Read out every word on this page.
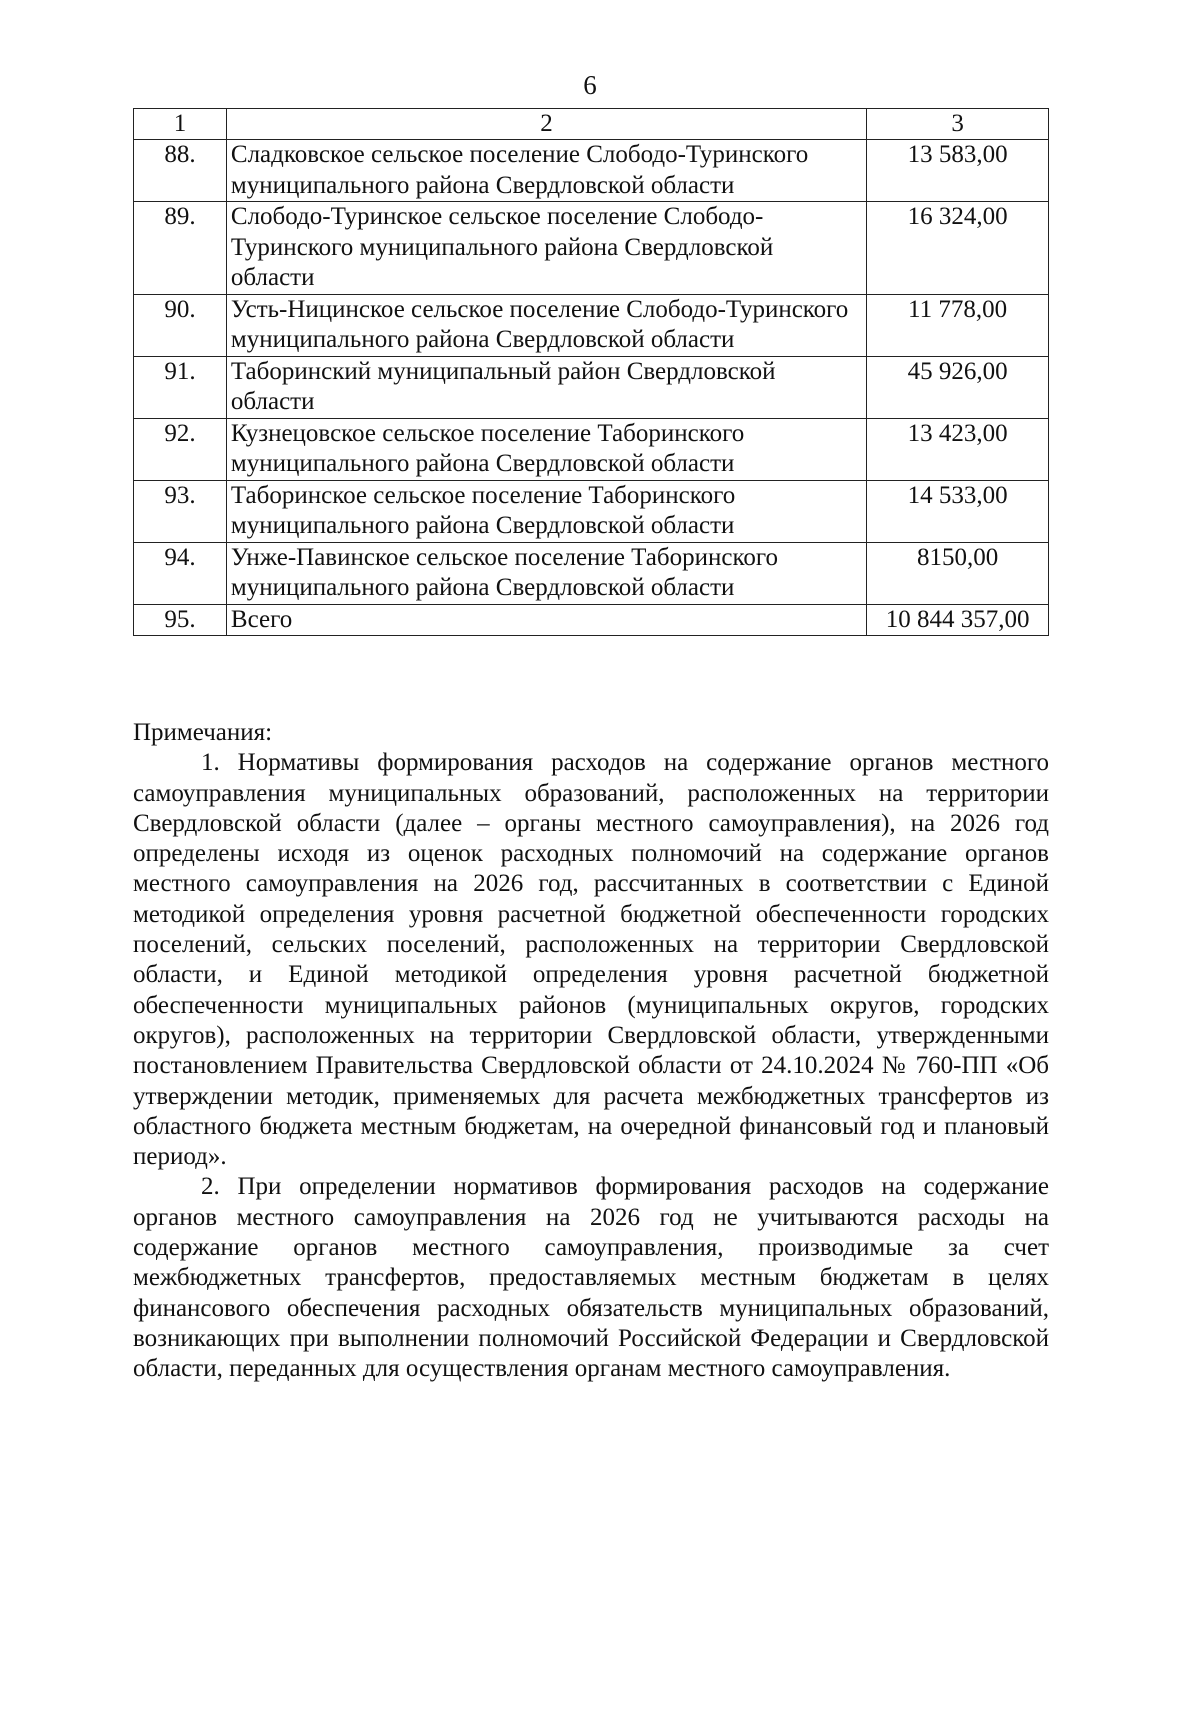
6
1	2	3
88.	Сладковское сельское поселение Слободо-Туринского муниципального района Свердловской области	13 583,00
89.	Слободо-Туринское сельское поселение Слободо-Туринского муниципального района Свердловской области	16 324,00
90.	Усть-Ницинское сельское поселение Слободо-Туринского муниципального района Свердловской области	11 778,00
91.	Таборинский муниципальный район Свердловской области	45 926,00
92.	Кузнецовское сельское поселение Таборинского муниципального района Свердловской области	13 423,00
93.	Таборинское сельское поселение Таборинского муниципального района Свердловской области	14 533,00
94.	Унже-Павинское сельское поселение Таборинского муниципального района Свердловской области	8150,00
95.	Всего	10 844 357,00

Примечания:

1. Нормативы формирования расходов на содержание органов местного самоуправления муниципальных образований, расположенных на территории Свердловской области (далее – органы местного самоуправления), на 2026 год определены исходя из оценок расходных полномочий на содержание органов местного самоуправления на 2026 год, рассчитанных в соответствии с Единой методикой определения уровня расчетной бюджетной обеспеченности городских поселений, сельских поселений, расположенных на территории Свердловской области, и Единой методикой определения уровня расчетной бюджетной обеспеченности муниципальных районов (муниципальных округов, городских округов), расположенных на территории Свердловской области, утвержденными постановлением Правительства Свердловской области от 24.10.2024 № 760-ПП «Об утверждении методик, применяемых для расчета межбюджетных трансфертов из областного бюджета местным бюджетам, на очередной финансовый год и плановый период».

2. При определении нормативов формирования расходов на содержание органов местного самоуправления на 2026 год не учитываются расходы на содержание органов местного самоуправления, производимые за счет межбюджетных трансфертов, предоставляемых местным бюджетам в целях финансового обеспечения расходных обязательств муниципальных образований, возникающих при выполнении полномочий Российской Федерации и Свердловской области, переданных для осуществления органам местного самоуправления.
